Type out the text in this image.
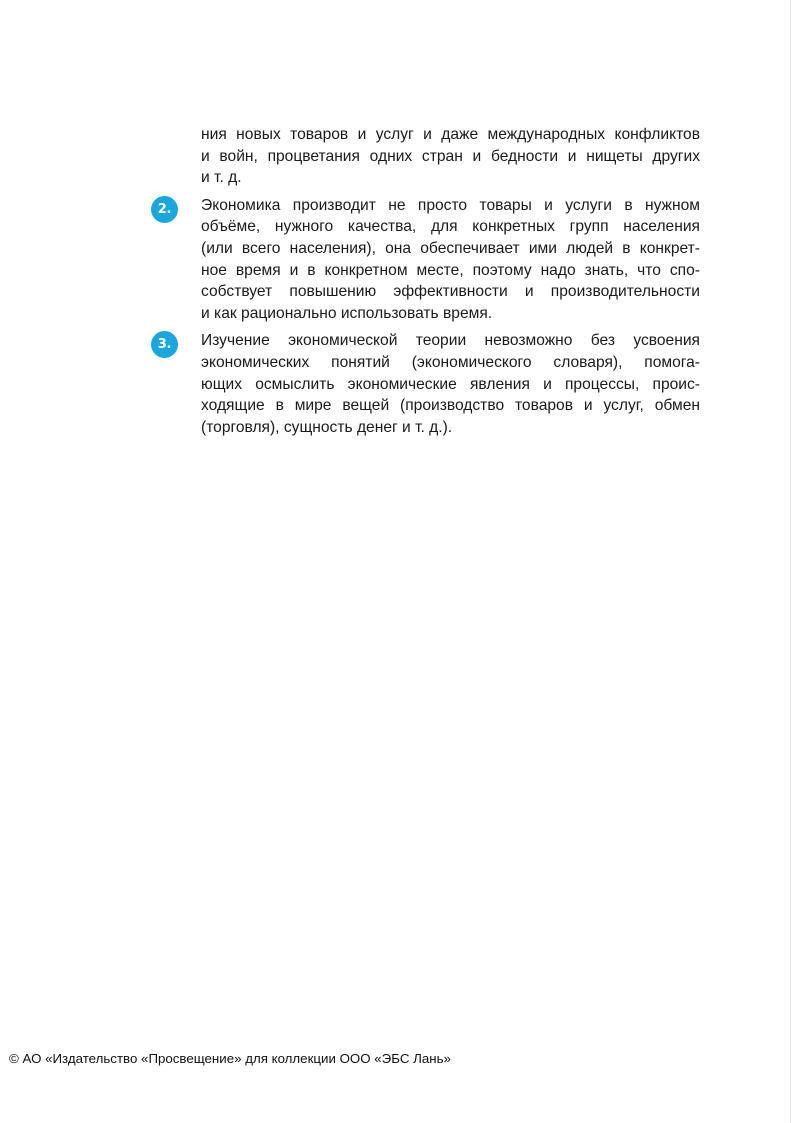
ния новых товаров и услуг и даже международных конфликтов
и войн, процветания одних стран и бедности и нищеты других
и т. д.
2.	Экономика производит не просто товары и услуги в нужном
объёме, нужного качества, для конкретных групп населения
(или всего населения), она обеспечивает ими людей в конкрет-
ное время и в конкретном месте, поэтому надо знать, что спо-
собствует повышению эффективности и производительности
и как рационально использовать время.
3.	Изучение экономической теории невозможно без усвоения
экономических понятий (экономического словаря), помога-
ющих осмыслить экономические явления и процессы, проис-
ходящие в мире вещей (производство товаров и услуг, обмен
(торговля), сущность денег и т. д.).
© АО «Издательство «Просвещение» для коллекции ООО «ЭБС Лань»
